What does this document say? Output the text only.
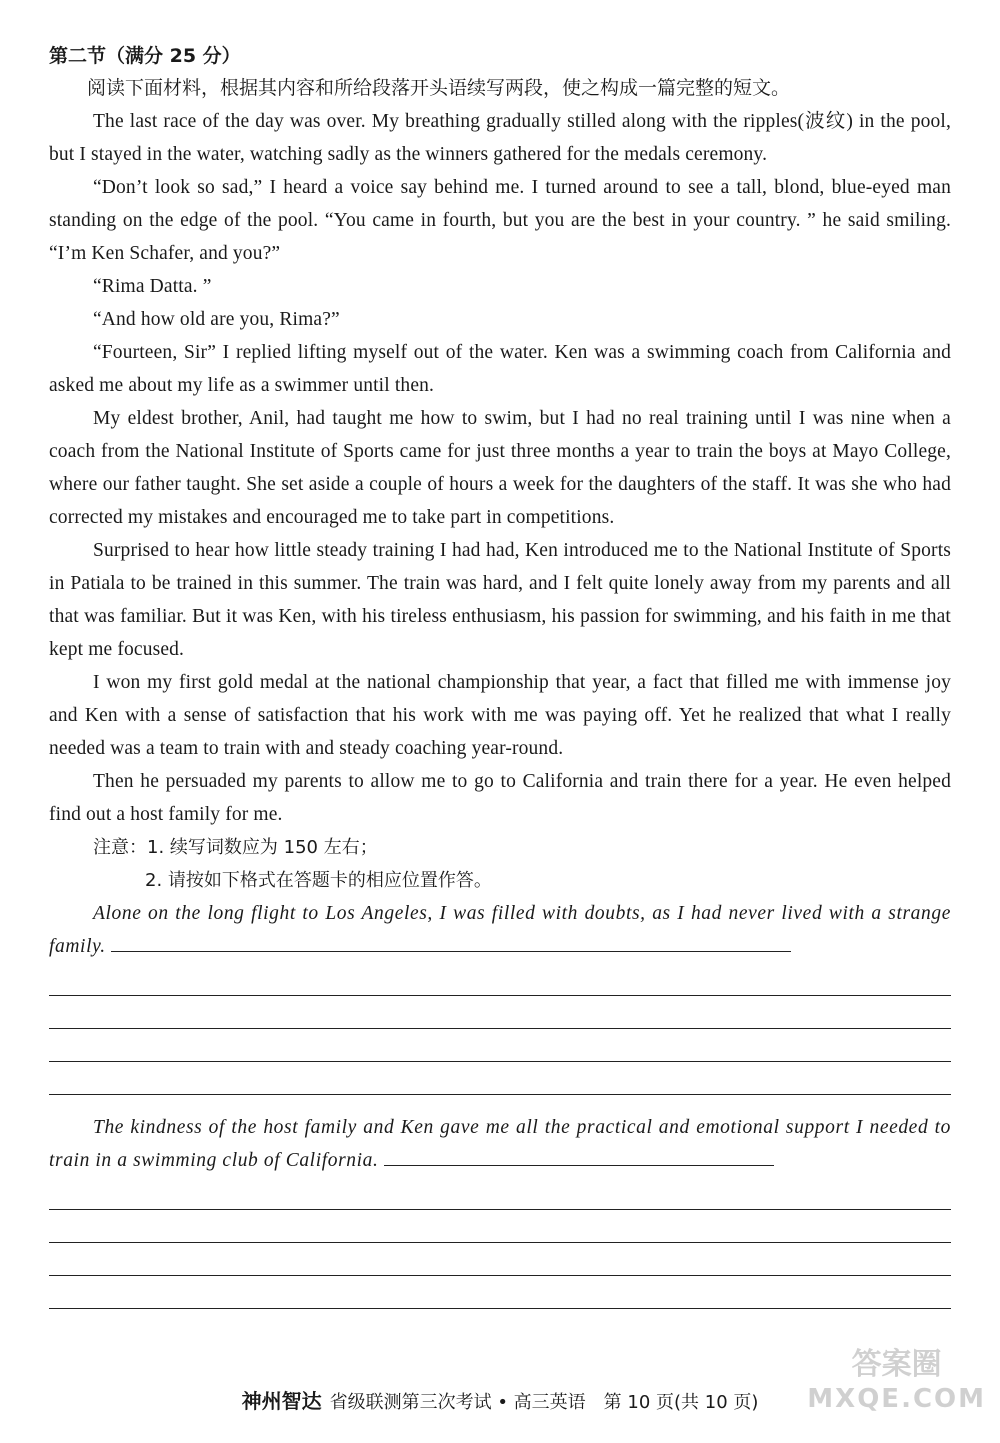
第二节（满分 25 分）

阅读下面材料，根据其内容和所给段落开头语续写两段，使之构成一篇完整的短文。

The last race of the day was over. My breathing gradually stilled along with the ripples(波纹) in the pool, but I stayed in the water, watching sadly as the winners gathered for the medals ceremony.

“Don’t look so sad,” I heard a voice say behind me. I turned around to see a tall, blond, blue-eyed man standing on the edge of the pool. “You came in fourth, but you are the best in your country. ” he said smiling. “I’m Ken Schafer, and you?”

“Rima Datta. ”

“And how old are you, Rima?”

“Fourteen, Sir” I replied lifting myself out of the water. Ken was a swimming coach from California and asked me about my life as a swimmer until then.

My eldest brother, Anil, had taught me how to swim, but I had no real training until I was nine when a coach from the National Institute of Sports came for just three months a year to train the boys at Mayo College, where our father taught. She set aside a couple of hours a week for the daughters of the staff. It was she who had corrected my mistakes and encouraged me to take part in competitions.

Surprised to hear how little steady training I had had, Ken introduced me to the National Institute of Sports in Patiala to be trained in this summer. The train was hard, and I felt quite lonely away from my parents and all that was familiar. But it was Ken, with his tireless enthusiasm, his passion for swimming, and his faith in me that kept me focused.

I won my first gold medal at the national championship that year, a fact that filled me with immense joy and Ken with a sense of satisfaction that his work with me was paying off. Yet he realized that what I really needed was a team to train with and steady coaching year-round.

Then he persuaded my parents to allow me to go to California and train there for a year. He even helped find out a host family for me.

注意：1. 续写词数应为 150 左右；

2. 请按如下格式在答题卡的相应位置作答。

Alone on the long flight to Los Angeles, I was filled with doubts, as I had never lived with a strange family.

The kindness of the host family and Ken gave me all the practical and emotional support I needed to train in a swimming club of California.

神州智达 省级联测第三次考试 • 高三英语　第 10 页(共 10 页)
答案圈
MXQE.COM
